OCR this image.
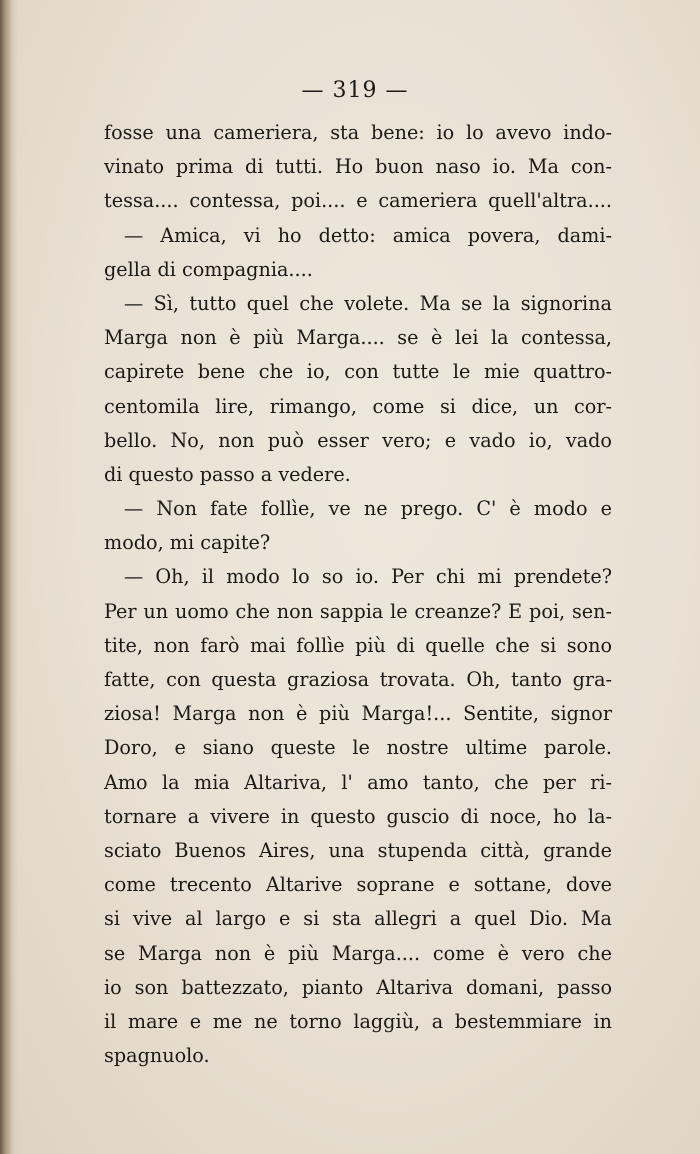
— 319 —
fosse una cameriera, sta bene: io lo avevo indo-
vinato prima di tutti. Ho buon naso io. Ma con-
tessa.... contessa, poi.... e cameriera quell'altra....
— Amica, vi ho detto: amica povera, dami-
gella di compagnia....
— Sì, tutto quel che volete. Ma se la signorina
Marga non è più Marga.... se è lei la contessa,
capirete bene che io, con tutte le mie quattro-
centomila lire, rimango, come si dice, un cor-
bello. No, non può esser vero; e vado io, vado
di questo passo a vedere.
— Non fate follìe, ve ne prego. C' è modo e
modo, mi capite?
— Oh, il modo lo so io. Per chi mi prendete?
Per un uomo che non sappia le creanze? E poi, sen-
tite, non farò mai follìe più di quelle che si sono
fatte, con questa graziosa trovata. Oh, tanto gra-
ziosa! Marga non è più Marga!... Sentite, signor
Doro, e siano queste le nostre ultime parole.
Amo la mia Altariva, l' amo tanto, che per ri-
tornare a vivere in questo guscio di noce, ho la-
sciato Buenos Aires, una stupenda città, grande
come trecento Altarive soprane e sottane, dove
si vive al largo e si sta allegri a quel Dio. Ma
se Marga non è più Marga.... come è vero che
io son battezzato, pianto Altariva domani, passo
il mare e me ne torno laggiù, a bestemmiare in
spagnuolo.
